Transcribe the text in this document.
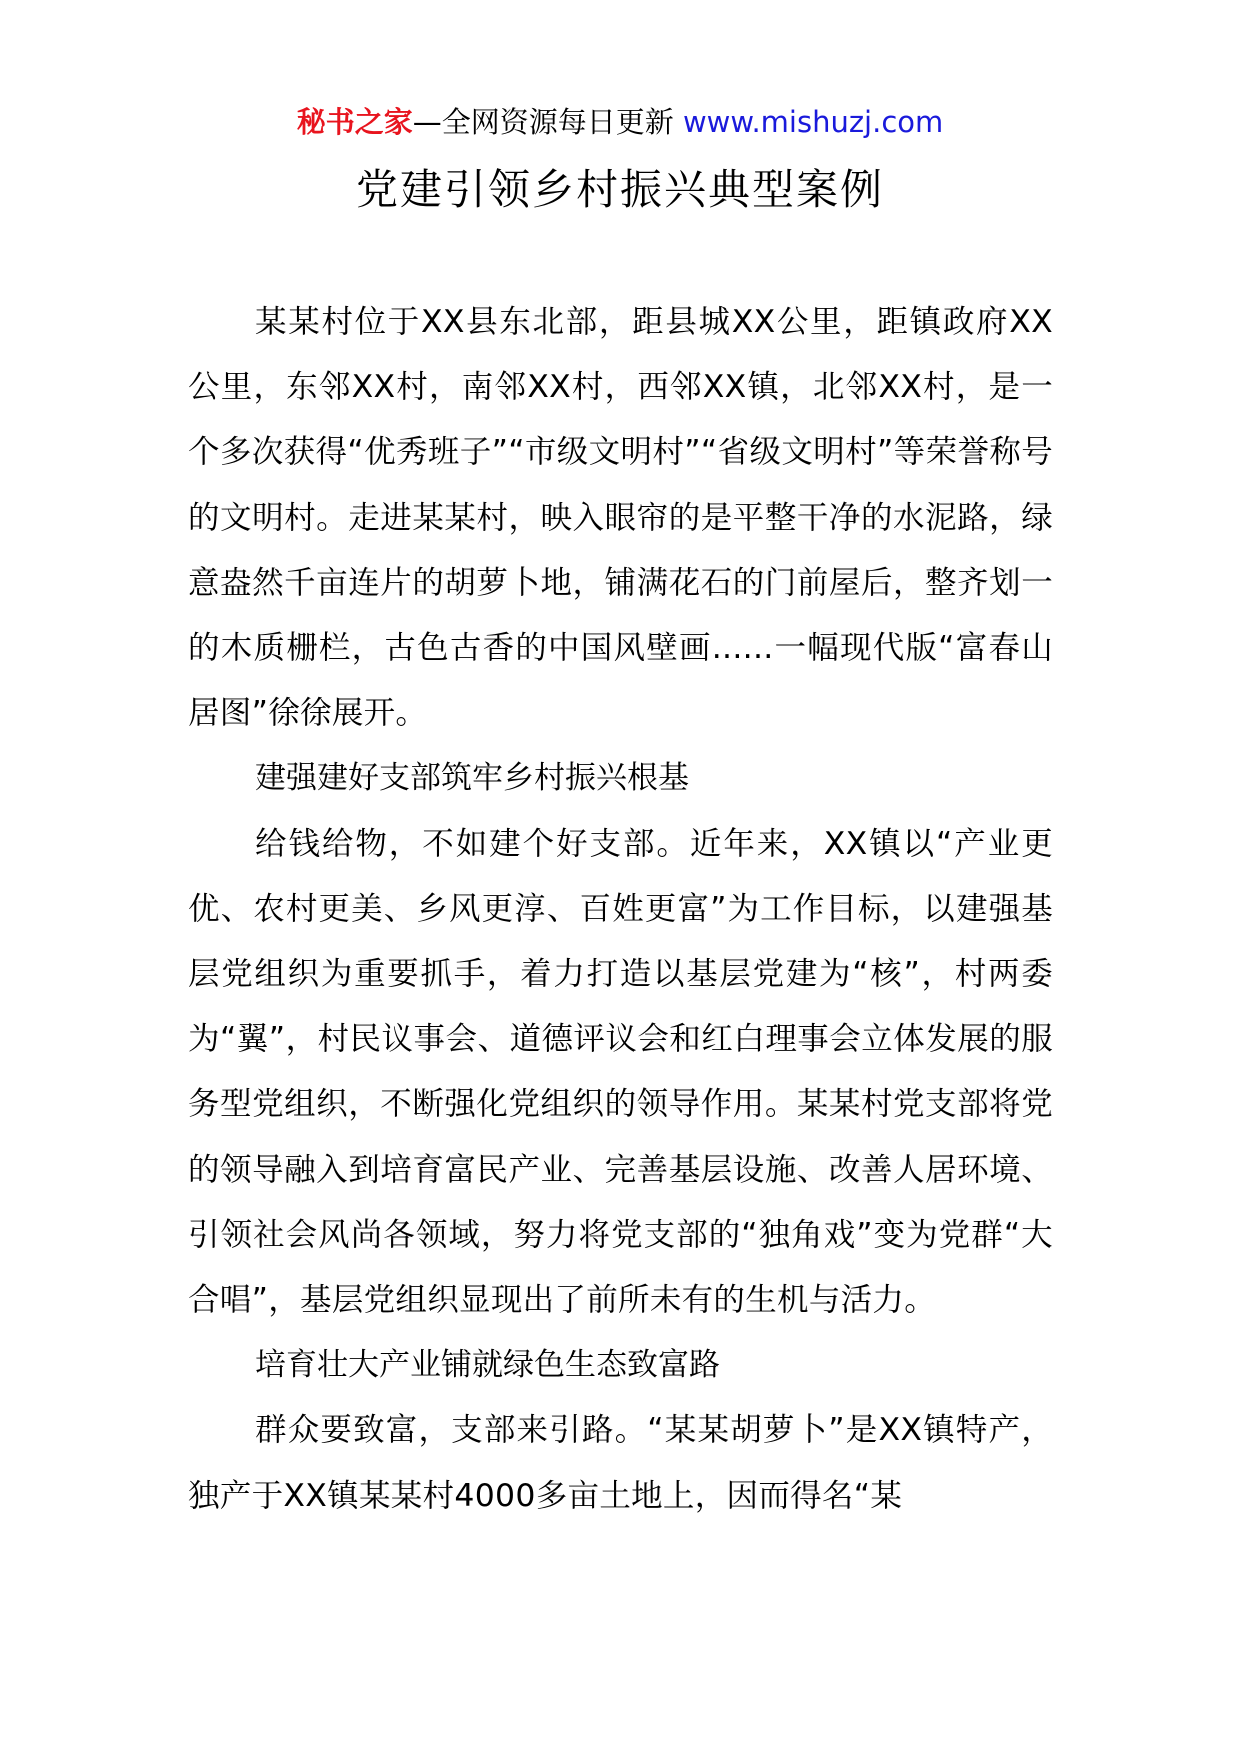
秘书之家—全网资源每日更新 www.mishuzj.com
党建引领乡村振兴典型案例

某某村位于XX县东北部，距县城XX公里，距镇政府XX公里，东邻XX村，南邻XX村，西邻XX镇，北邻XX村，是一个多次获得“优秀班子”“市级文明村”“省级文明村”等荣誉称号的文明村。走进某某村，映入眼帘的是平整干净的水泥路，绿意盎然千亩连片的胡萝卜地，铺满花石的门前屋后，整齐划一的木质栅栏，古色古香的中国风壁画......一幅现代版“富春山居图”徐徐展开。

建强建好支部筑牢乡村振兴根基

给钱给物，不如建个好支部。近年来，XX镇以“产业更优、农村更美、乡风更淳、百姓更富”为工作目标，以建强基层党组织为重要抓手，着力打造以基层党建为“核”，村两委为“翼”，村民议事会、道德评议会和红白理事会立体发展的服务型党组织，不断强化党组织的领导作用。某某村党支部将党的领导融入到培育富民产业、完善基层设施、改善人居环境、引领社会风尚各领域，努力将党支部的“独角戏”变为党群“大合唱”，基层党组织显现出了前所未有的生机与活力。

培育壮大产业铺就绿色生态致富路

群众要致富，支部来引路。“某某胡萝卜”是XX镇特产，独产于XX镇某某村4000多亩土地上，因而得名“某
